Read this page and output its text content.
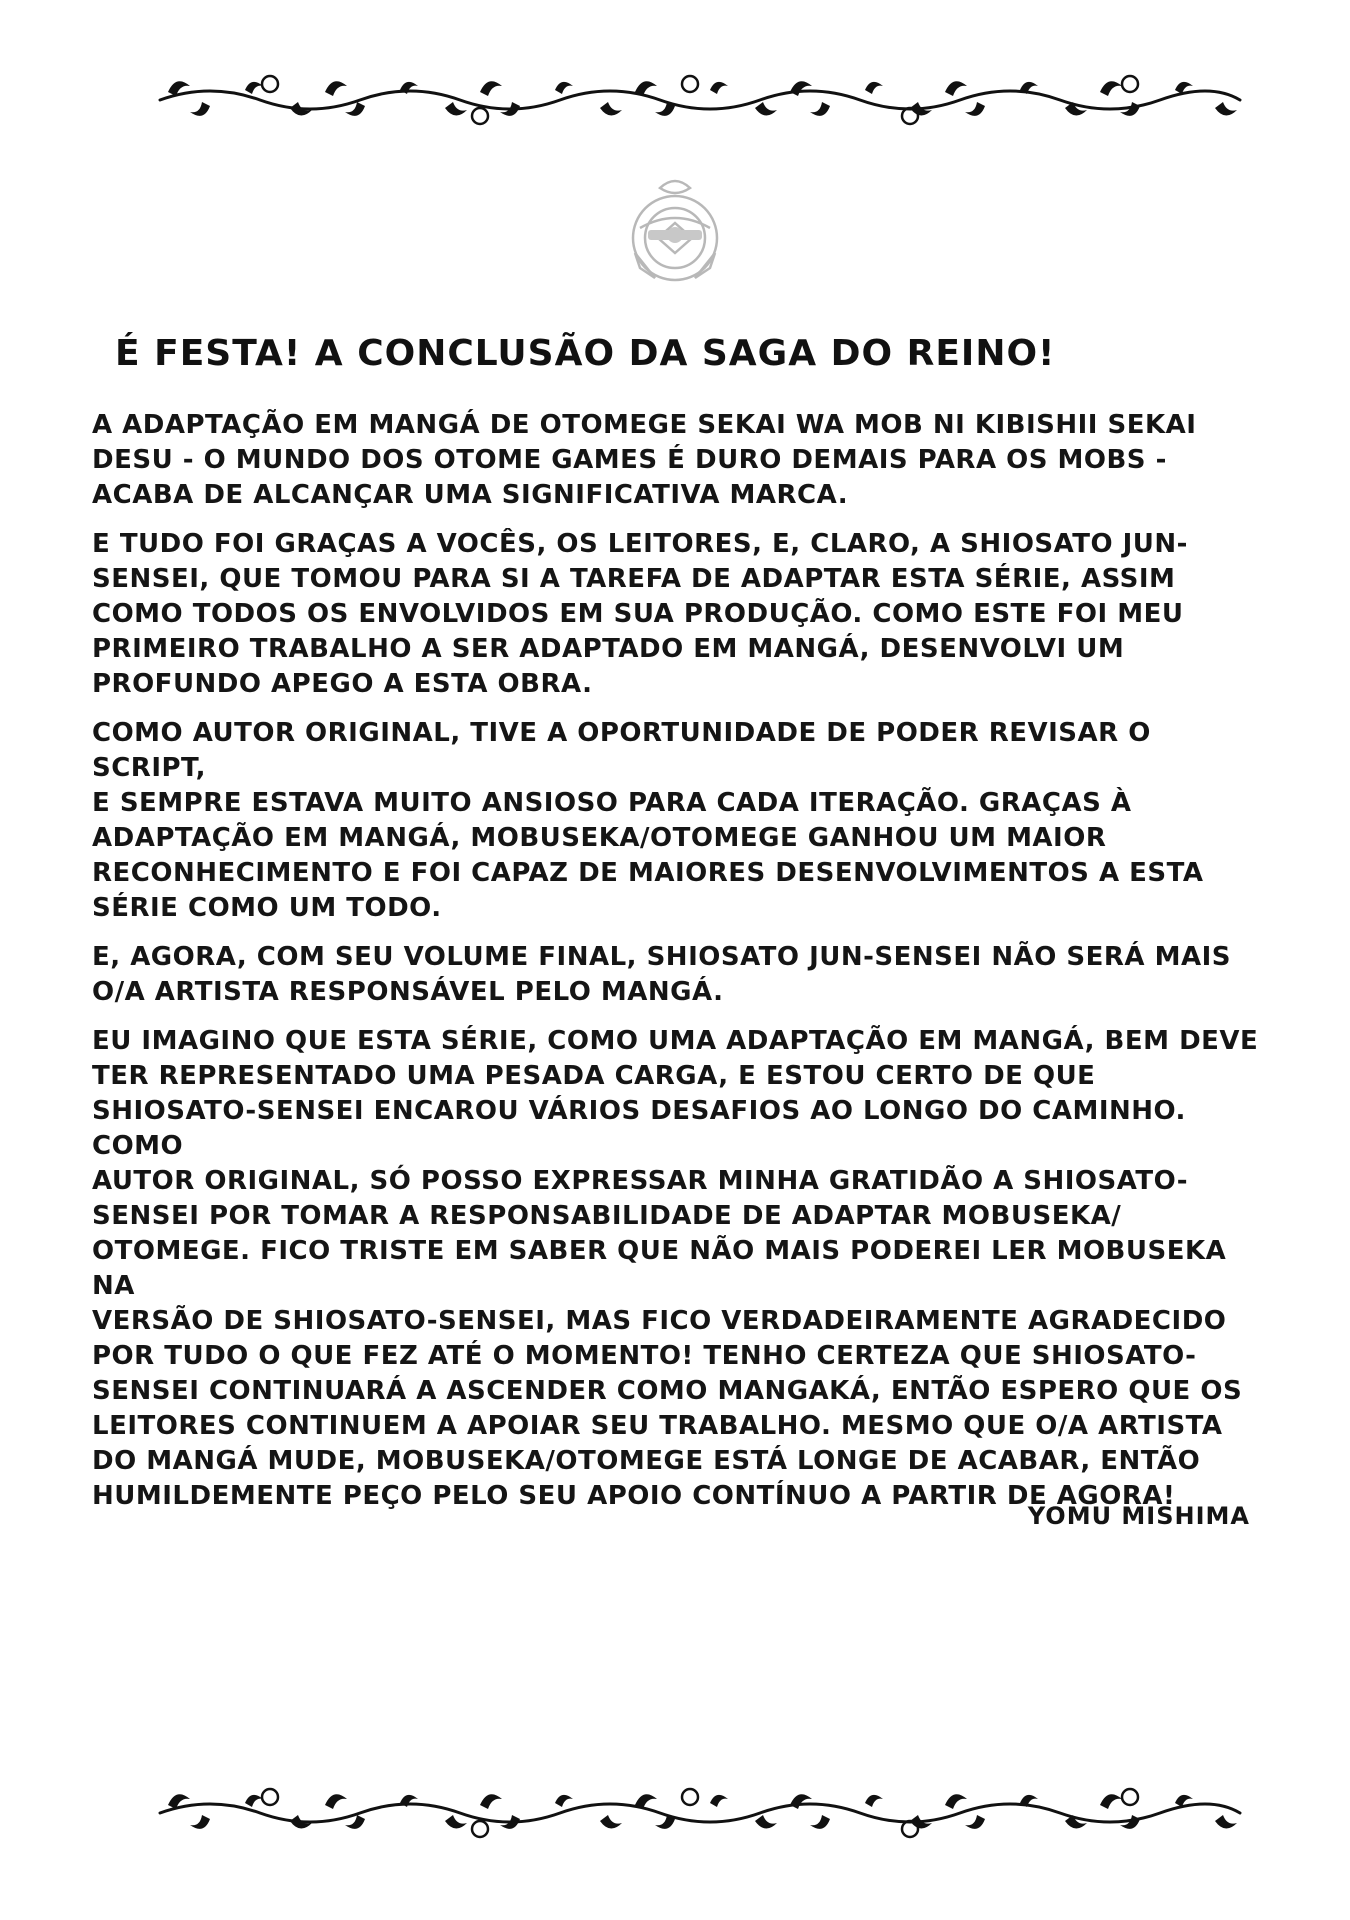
É FESTA! A CONCLUSÃO DA SAGA DO REINO!

A ADAPTAÇÃO EM MANGÁ DE OTOMEGE SEKAI WA MOB NI KIBISHII SEKAI
DESU - O MUNDO DOS OTOME GAMES É DURO DEMAIS PARA OS MOBS -
ACABA DE ALCANÇAR UMA SIGNIFICATIVA MARCA.

E TUDO FOI GRAÇAS A VOCÊS, OS LEITORES, E, CLARO, A SHIOSATO JUN-
SENSEI, QUE TOMOU PARA SI A TAREFA DE ADAPTAR ESTA SÉRIE, ASSIM
COMO TODOS OS ENVOLVIDOS EM SUA PRODUÇÃO. COMO ESTE FOI MEU
PRIMEIRO TRABALHO A SER ADAPTADO EM MANGÁ, DESENVOLVI UM
PROFUNDO APEGO A ESTA OBRA.

COMO AUTOR ORIGINAL, TIVE A OPORTUNIDADE DE PODER REVISAR O SCRIPT,
E SEMPRE ESTAVA MUITO ANSIOSO PARA CADA ITERAÇÃO. GRAÇAS À
ADAPTAÇÃO EM MANGÁ, MOBUSEKA/OTOMEGE GANHOU UM MAIOR
RECONHECIMENTO E FOI CAPAZ DE MAIORES DESENVOLVIMENTOS A ESTA
SÉRIE COMO UM TODO.

E, AGORA, COM SEU VOLUME FINAL, SHIOSATO JUN-SENSEI NÃO SERÁ MAIS
O/A ARTISTA RESPONSÁVEL PELO MANGÁ.

EU IMAGINO QUE ESTA SÉRIE, COMO UMA ADAPTAÇÃO EM MANGÁ, BEM DEVE
TER REPRESENTADO UMA PESADA CARGA, E ESTOU CERTO DE QUE
SHIOSATO-SENSEI ENCAROU VÁRIOS DESAFIOS AO LONGO DO CAMINHO. COMO
AUTOR ORIGINAL, SÓ POSSO EXPRESSAR MINHA GRATIDÃO A SHIOSATO-
SENSEI POR TOMAR A RESPONSABILIDADE DE ADAPTAR MOBUSEKA/
OTOMEGE. FICO TRISTE EM SABER QUE NÃO MAIS PODEREI LER MOBUSEKA NA
VERSÃO DE SHIOSATO-SENSEI, MAS FICO VERDADEIRAMENTE AGRADECIDO
POR TUDO O QUE FEZ ATÉ O MOMENTO! TENHO CERTEZA QUE SHIOSATO-
SENSEI CONTINUARÁ A ASCENDER COMO MANGAKÁ, ENTÃO ESPERO QUE OS
LEITORES CONTINUEM A APOIAR SEU TRABALHO. MESMO QUE O/A ARTISTA
DO MANGÁ MUDE, MOBUSEKA/OTOMEGE ESTÁ LONGE DE ACABAR, ENTÃO
HUMILDEMENTE PEÇO PELO SEU APOIO CONTÍNUO A PARTIR DE AGORA!

YOMU MISHIMA
